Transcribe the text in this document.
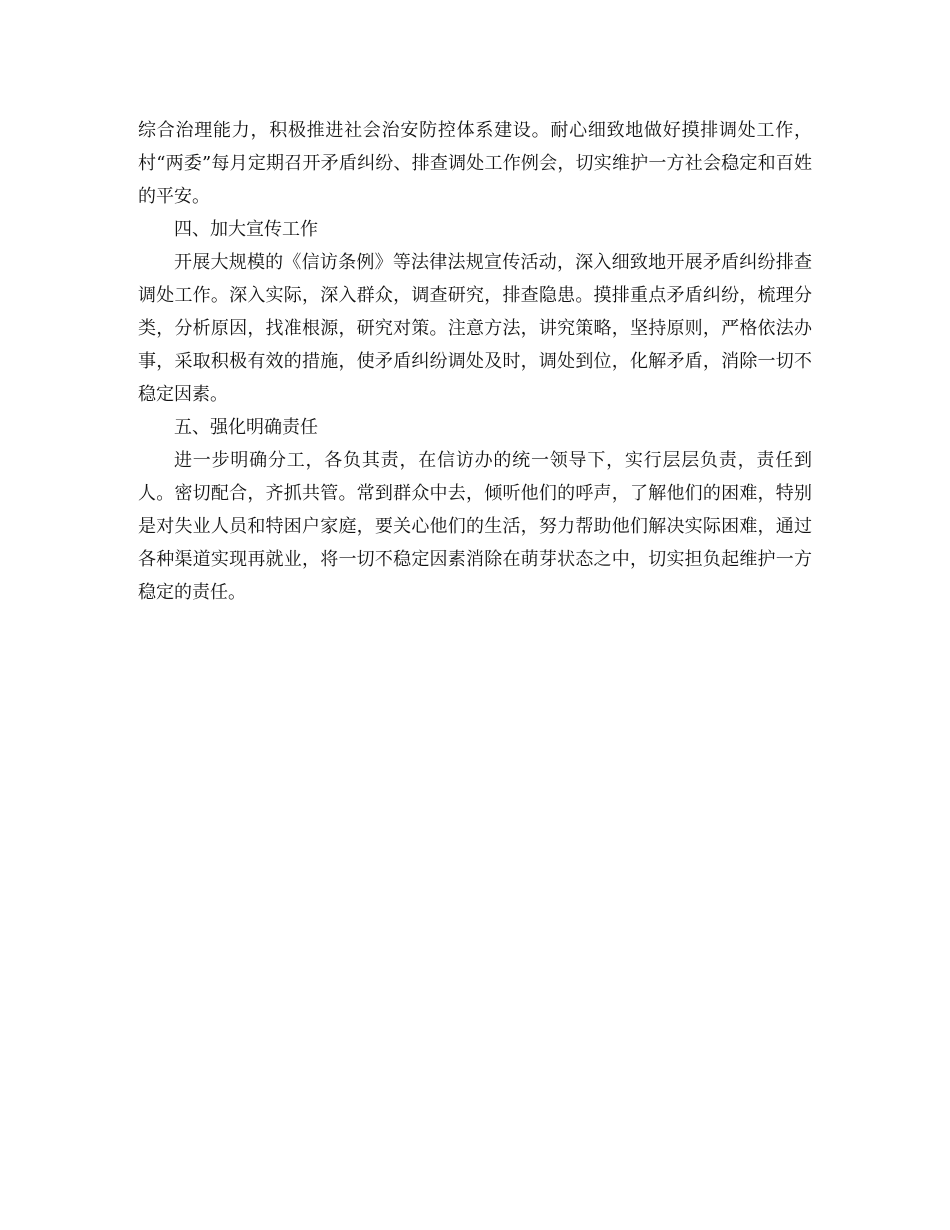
综合治理能力，积极推进社会治安防控体系建设。耐心细致地做好摸排调处工作，村“两委”每月定期召开矛盾纠纷、排查调处工作例会，切实维护一方社会稳定和百姓的平安。

四、加大宣传工作

开展大规模的《信访条例》等法律法规宣传活动，深入细致地开展矛盾纠纷排查调处工作。深入实际，深入群众，调查研究，排查隐患。摸排重点矛盾纠纷，梳理分类，分析原因，找准根源，研究对策。注意方法，讲究策略，坚持原则，严格依法办事，采取积极有效的措施，使矛盾纠纷调处及时，调处到位，化解矛盾，消除一切不稳定因素。

五、强化明确责任

进一步明确分工，各负其责，在信访办的统一领导下，实行层层负责，责任到人。密切配合，齐抓共管。常到群众中去，倾听他们的呼声，了解他们的困难，特别是对失业人员和特困户家庭，要关心他们的生活，努力帮助他们解决实际困难，通过各种渠道实现再就业，将一切不稳定因素消除在萌芽状态之中，切实担负起维护一方稳定的责任。
